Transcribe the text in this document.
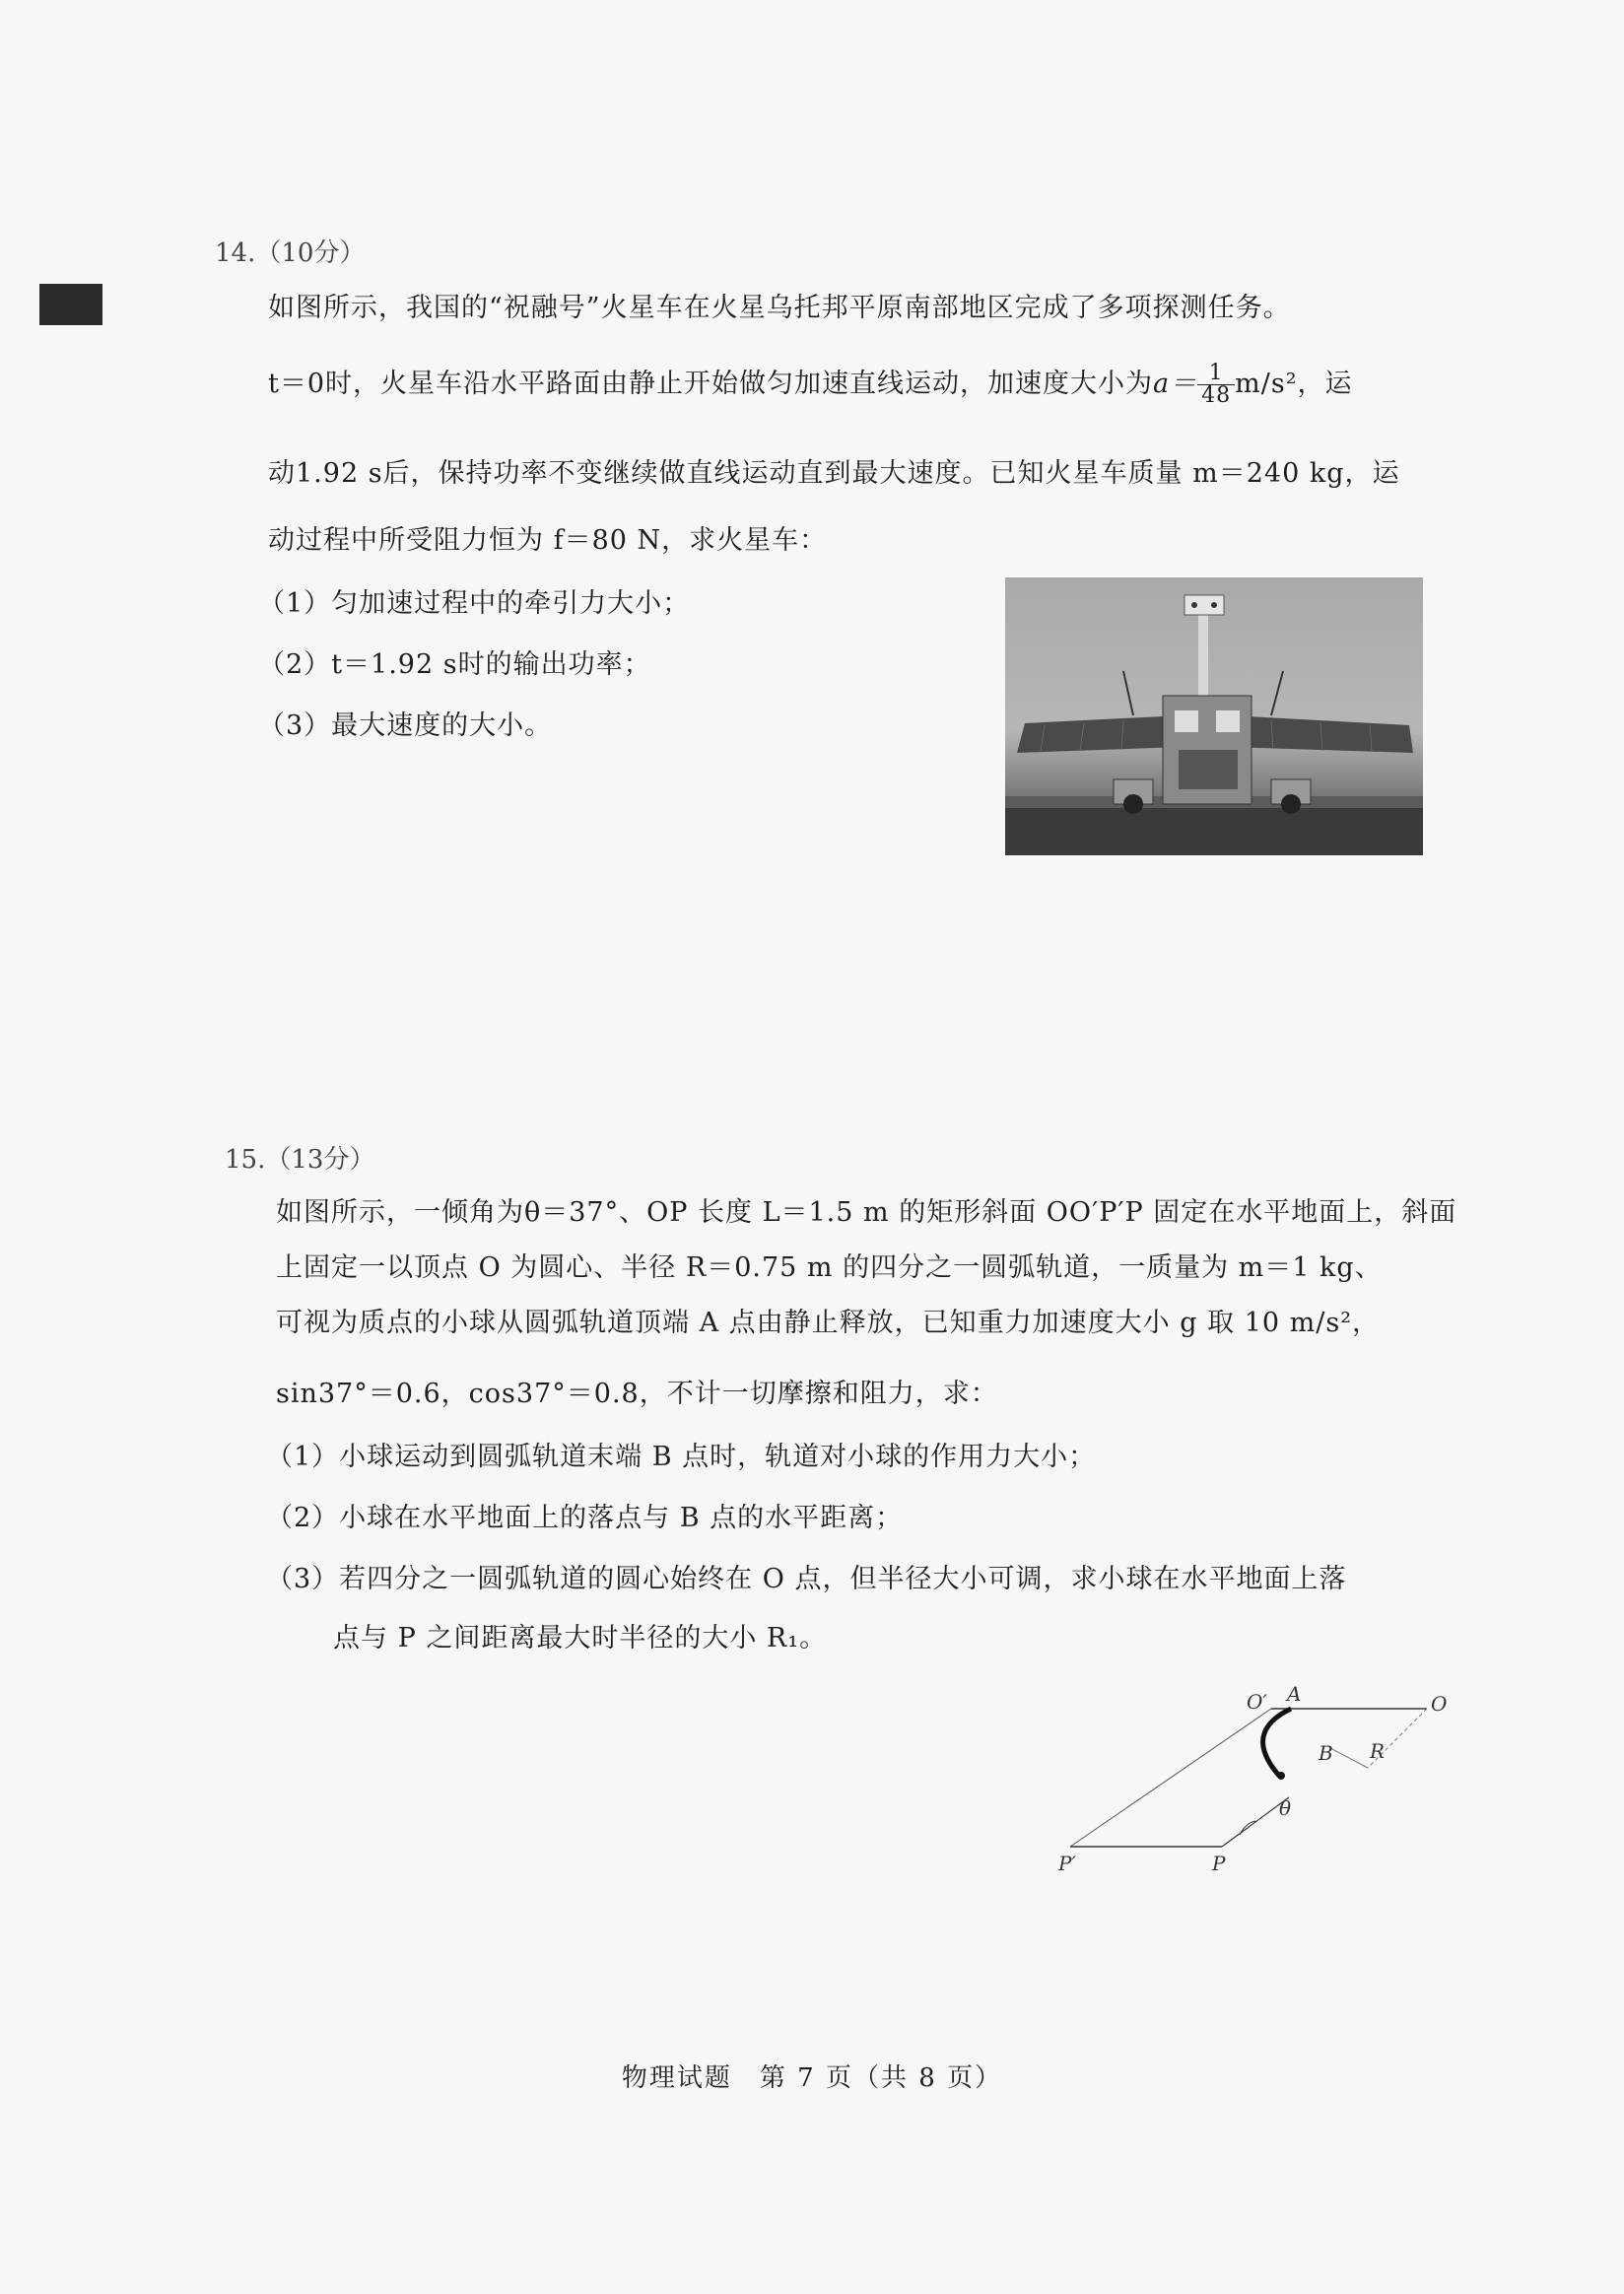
14.（10分）
如图所示，我国的“祝融号”火星车在火星乌托邦平原南部地区完成了多项探测任务。
t＝0时，火星车沿水平路面由静止开始做匀加速直线运动，加速度大小为$a= \frac{1}{48} m/s^2$，运
动1.92 s后，保持功率不变继续做直线运动直到最大速度。已知火星车质量 m＝240 kg，运
动过程中所受阻力恒为 f＝80 N，求火星车：
（1）匀加速过程中的牵引力大小；
（2）t＝1.92 s时的输出功率；
（3）最大速度的大小。
15.（13分）
如图所示，一倾角为θ＝37°、OP 长度 L＝1.5 m 的矩形斜面 OO′P′P 固定在水平地面上，斜面
上固定一以顶点 O 为圆心、半径 R＝0.75 m 的四分之一圆弧轨道，一质量为 m＝1 kg、
可视为质点的小球从圆弧轨道顶端 A 点由静止释放，已知重力加速度大小 g 取 10 m/s²，
sin37°＝0.6，cos37°＝0.8，不计一切摩擦和阻力，求：
（1）小球运动到圆弧轨道末端 B 点时，轨道对小球的作用力大小；
（2）小球在水平地面上的落点与 B 点的水平距离；
（3）若四分之一圆弧轨道的圆心始终在 O 点，但半径大小可调，求小球在水平地面上落
点与 P 之间距离最大时半径的大小 R₁。
O′ A	O
B R
θ
P′	P
物理试题　第 7 页（共 8 页）
